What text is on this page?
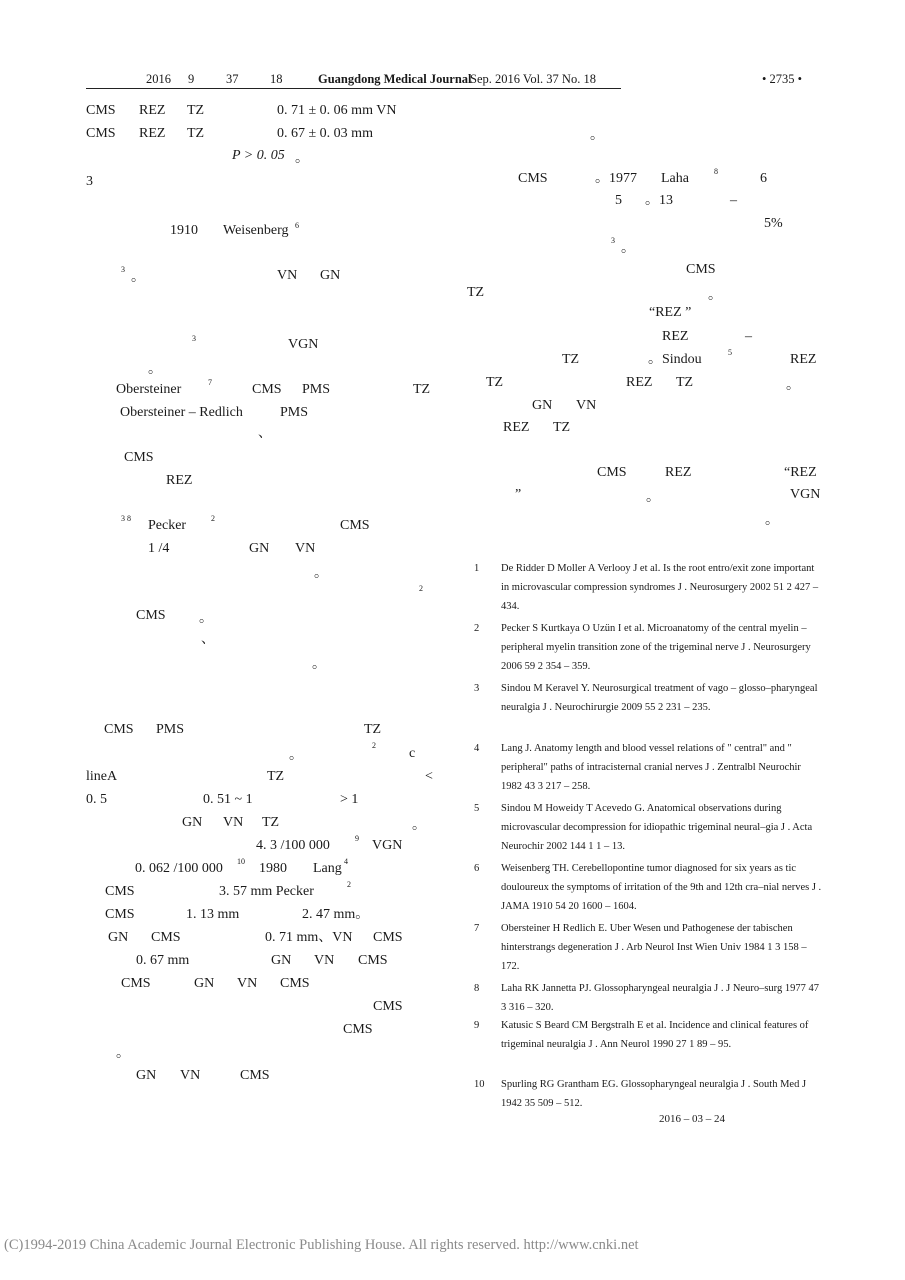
2016 9	37	18	Guangdong Medical Journal
Sep. 2016 Vol. 37 No. 18	• 2735 •
CMS REZ TZ	0. 71 ± 0. 06 mm VN
CMS REZ TZ	0. 67 ± 0. 03 mm
P > 0. 05 。
3
1910 Weisenberg 6
3
。	VN GN
3	VGN
。
Obersteiner	7	CMS PMS	TZ
Obersteiner – Redlich	PMS
、
CMS
REZ
3 8 Pecker	2	CMS
1 /4	GN VN
。
2
CMS 。
、
。
TZ
CMS PMS
。
2
c
lineA	TZ	<
0. 5	0. 51 ~ 1	> 1
GN VN TZ	。
4. 3 /100 000	9 VGN
0. 062 /100 000 10 1980 Lang 4
CMS	3. 57 mm Pecker	2
CMS	1. 13 mm	2. 47 mm。
GN CMS	0. 71 mm、VN CMS
0. 67 mm	GN VN CMS
CMS	GN VN CMS
CMS
CMS
。
GN VN	CMS
。
CMS	。1977 Laha	8	6
5 。13	–
5%
3
。
CMS
TZ	。
“REZ ”
REZ	–
TZ	。Sindou	5	REZ
TZ	REZ TZ	。
GN VN
REZ TZ
CMS	REZ	“REZ
”	。	VGN
。
1 De Ridder D Moller A Verlooy J et al. Is the root entro/exit zone important in microvascular compression syndromes J . Neurosurgery 2002 51 2 427 – 434.
2 Pecker S Kurtkaya O Uzün I et al. Microanatomy of the central myelin – peripheral myelin transition zone of the trigeminal nerve J . Neurosurgery 2006 59 2 354 – 359.
3 Sindou M Keravel Y. Neurosurgical treatment of vago – glosso–pharyngeal neuralgia J . Neurochirurgie 2009 55 2 231 – 235.
4 Lang J. Anatomy length and blood vessel relations of " central" and " peripheral" paths of intracisternal cranial nerves J . Zentralbl Neurochir 1982 43 3 217 – 258.
5 Sindou M Howeidy T Acevedo G. Anatomical observations during microvascular decompression for idiopathic trigeminal neural–gia J . Acta Neurochir 2002 144 1 1 – 13.
6 Weisenberg TH. Cerebellopontine tumor diagnosed for six years as tic douloureux the symptoms of irritation of the 9th and 12th cra–nial nerves J . JAMA 1910 54 20 1600 – 1604.
7 Obersteiner H Redlich E. Uber Wesen und Pathogenese der tabischen hinterstrangs degeneration J . Arb Neurol Inst Wien Univ 1984 1 3 158 – 172.
8 Laha RK Jannetta PJ. Glossopharyngeal neuralgia J . J Neuro–surg 1977 47 3 316 – 320.
9 Katusic S Beard CM Bergstralh E et al. Incidence and clinical features of trigeminal neuralgia J . Ann Neurol 1990 27 1 89 – 95.
10 Spurling RG Grantham EG. Glossopharyngeal neuralgia J . South Med J 1942 35 509 – 512.
2016 – 03 – 24
(C)1994-2019 China Academic Journal Electronic Publishing House. All rights reserved. http://www.cnki.net
